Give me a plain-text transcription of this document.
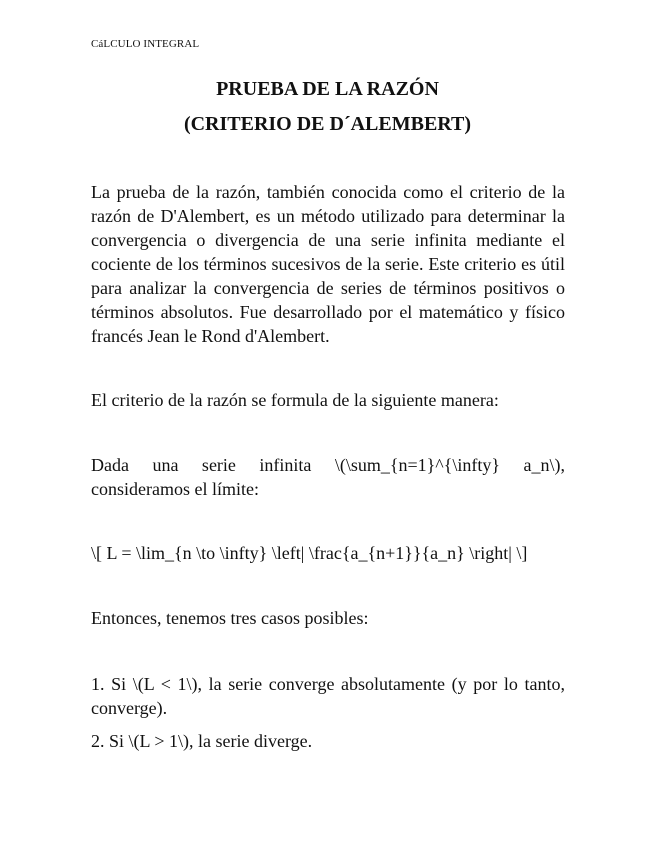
CáLCULO INTEGRAL
PRUEBA DE LA RAZÓN
(CRITERIO DE D´ALEMBERT)

La prueba de la razón, también conocida como el criterio de la razón de D'Alembert, es un método utilizado para determinar la convergencia o divergencia de una serie infinita mediante el cociente de los términos sucesivos de la serie. Este criterio es útil para analizar la convergencia de series de términos positivos o términos absolutos. Fue desarrollado por el matemático y físico francés Jean le Rond d'Alembert.

El criterio de la razón se formula de la siguiente manera:

Dada una serie infinita \(\sum_{n=1}^{\infty} a_n\), consideramos el límite:

\[ L = \lim_{n \to \infty} \left| \frac{a_{n+1}}{a_n} \right| \]

Entonces, tenemos tres casos posibles:

1. Si \(L < 1\), la serie converge absolutamente (y por lo tanto, converge).

2. Si \(L > 1\), la serie diverge.
